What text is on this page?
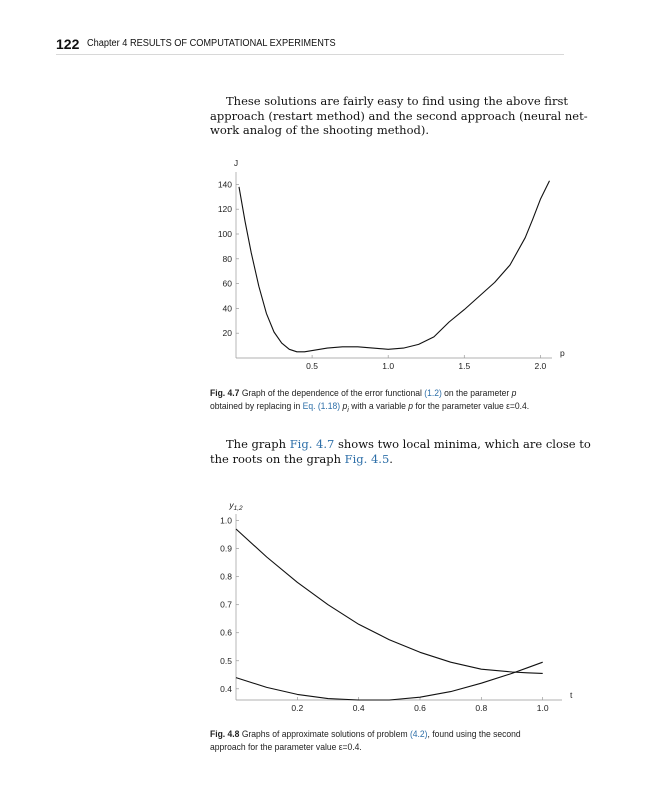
122 Chapter 4 RESULTS OF COMPUTATIONAL EXPERIMENTS
These solutions are fairly easy to find using the above first
approach (restart method) and the second approach (neural net-
work analog of the shooting method).
0.5	1.0	1.5	2.0
20
40
60
80
100
120
140
p
J
Fig. 4.7 Graph of the dependence of the error functional (1.2) on the parameter p
obtained by replacing in Eq. (1.18) $p_i$ with a variable p for the parameter value ε=0.4.
The graph Fig. 4.7 shows two local minima, which are close to
the roots on the graph Fig. 4.5.
0.2	0.4	0.6	0.8	1.0
0.4
0.5
0.6
0.7
0.8
0.9
1.0
t
$y_{1,2}$
Fig. 4.8 Graphs of approximate solutions of problem (4.2), found using the second
approach for the parameter value ε=0.4.
